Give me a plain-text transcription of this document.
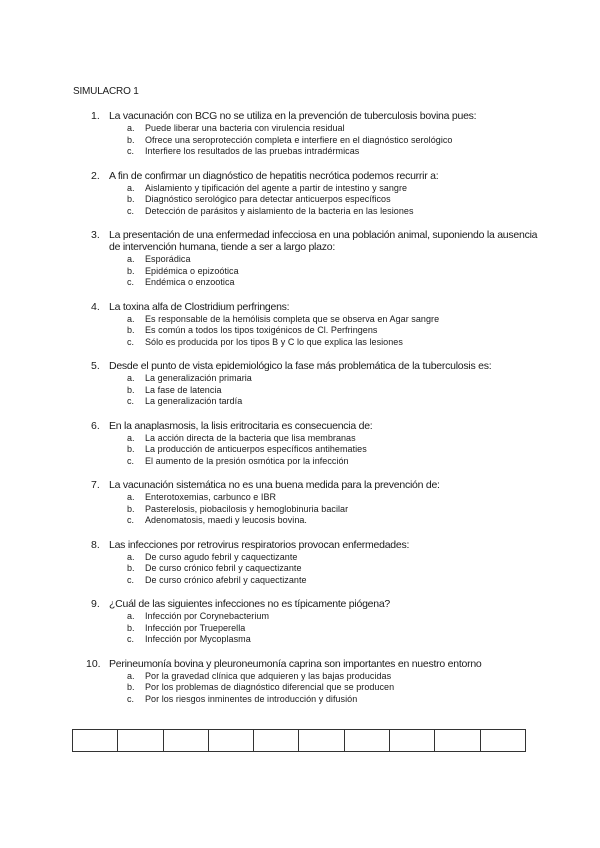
SIMULACRO 1
1. La vacunación con BCG no se utiliza en la prevención de tuberculosis bovina pues:
a. Puede liberar una bacteria con virulencia residual
b. Ofrece una seroprotección completa e interfiere en el diagnóstico serológico
c. Interfiere los resultados de las pruebas intradérmicas
2. A fin de confirmar un diagnóstico de hepatitis necrótica podemos recurrir a:
a. Aislamiento y tipificación del agente a partir de intestino y sangre
b. Diagnóstico serológico para detectar anticuerpos específicos
c. Detección de parásitos y aislamiento de la bacteria en las lesiones
3. La presentación de una enfermedad infecciosa en una población animal, suponiendo la ausencia de intervención humana, tiende a ser a largo plazo:
a. Esporádica
b. Epidémica o epizoótica
c. Endémica o enzootica
4. La toxina alfa de Clostridium perfringens:
a. Es responsable de la hemólisis completa que se observa en Agar sangre
b. Es común a todos los tipos toxigénicos de Cl. Perfringens
c. Sólo es producida por los tipos B y C lo que explica las lesiones
5. Desde el punto de vista epidemiológico la fase más problemática de la tuberculosis es:
a. La generalización primaria
b. La fase de latencia
c. La generalización tardía
6. En la anaplasmosis, la lisis eritrocitaria es consecuencia de:
a. La acción directa de la bacteria que lisa membranas
b. La producción de anticuerpos específicos antihematies
c. El aumento de la presión osmótica por la infección
7. La vacunación sistemática no es una buena medida para la prevención de:
a. Enterotoxemias, carbunco e IBR
b. Pasterelosis, piobacilosis y hemoglobinuria bacilar
c. Adenomatosis, maedi y leucosis bovina.
8. Las infecciones por retrovirus respiratorios provocan enfermedades:
a. De curso agudo febril y caquectizante
b. De curso crónico febril y caquectizante
c. De curso crónico afebril y caquectizante
9. ¿Cuál de las siguientes infecciones no es típicamente piógena?
a. Infección por Corynebacterium
b. Infección por Trueperella
c. Infección por Mycoplasma
10. Perineumonía bovina y pleuroneumonía caprina son importantes en nuestro entorno
a. Por la gravedad clínica que adquieren y las bajas producidas
b. Por los problemas de diagnóstico diferencial que se producen
c. Por los riesgos inminentes de introducción y difusión
